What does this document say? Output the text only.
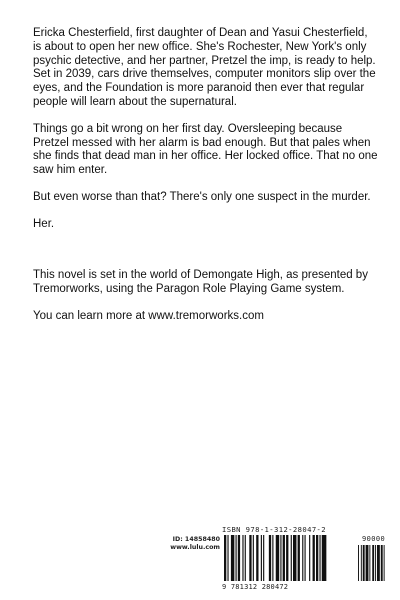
Ericka Chesterfield, first daughter of Dean and Yasui Chesterfield, is about to open her new office. She's Rochester, New York's only psychic detective, and her partner, Pretzel the imp, is ready to help. Set in 2039, cars drive themselves, computer monitors slip over the eyes, and the Foundation is more paranoid then ever that regular people will learn about the supernatural.

Things go a bit wrong on her first day. Oversleeping because Pretzel messed with her alarm is bad enough. But that pales when she finds that dead man in her office. Her locked office. That no one saw him enter.

But even worse than that? There's only one suspect in the murder.

Her.

This novel is set in the world of Demongate High, as presented by Tremorworks, using the Paragon Role Playing Game system.

You can learn more at www.tremorworks.com

ID: 14858480
www.lulu.com
ISBN 978-1-312-28047-2
90000
9 781312 280472
